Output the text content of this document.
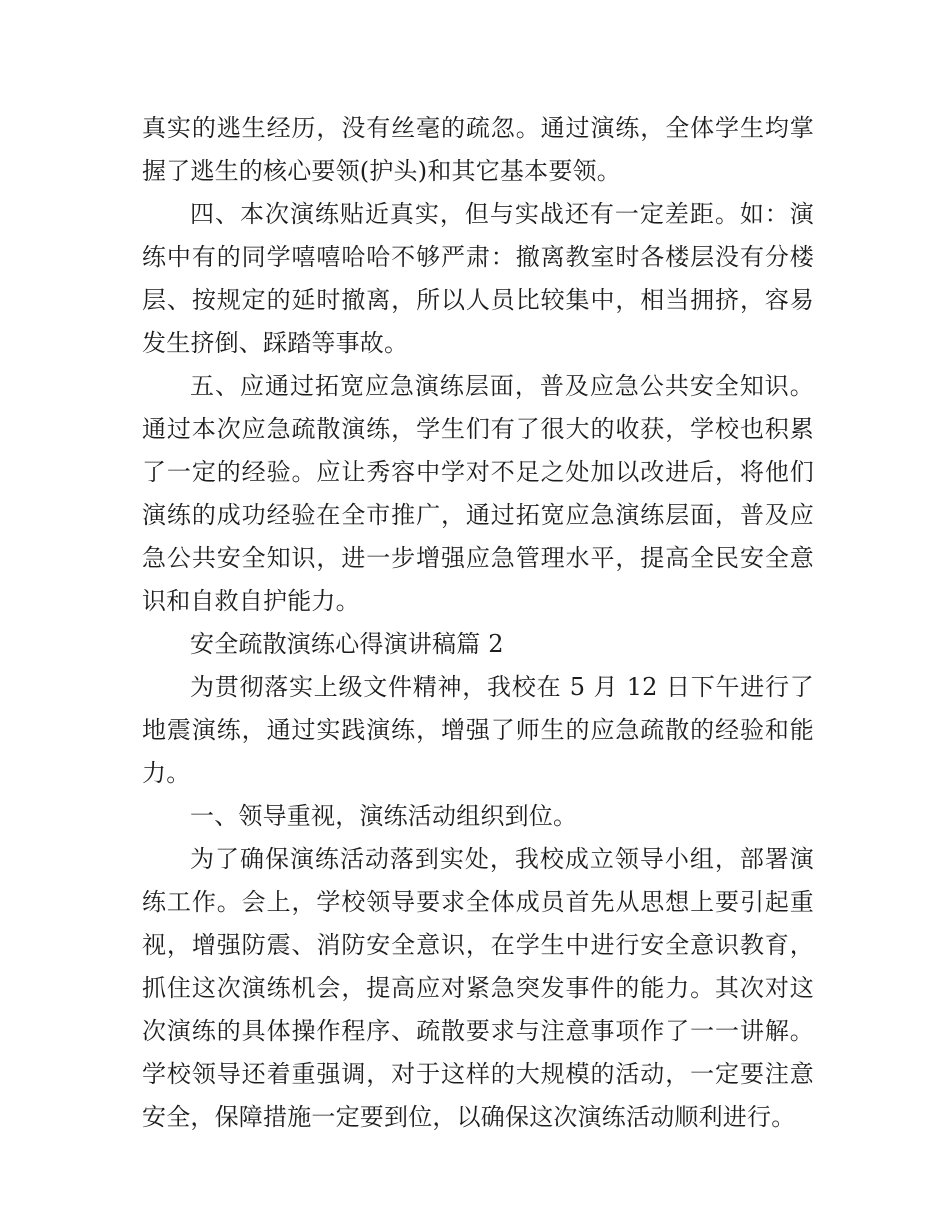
真实的逃生经历，没有丝毫的疏忽。通过演练，全体学生均掌握了逃生的核心要领(护头)和其它基本要领。

四、本次演练贴近真实，但与实战还有一定差距。如：演练中有的同学嘻嘻哈哈不够严肃：撤离教室时各楼层没有分楼层、按规定的延时撤离，所以人员比较集中，相当拥挤，容易发生挤倒、踩踏等事故。

五、应通过拓宽应急演练层面，普及应急公共安全知识。通过本次应急疏散演练，学生们有了很大的收获，学校也积累了一定的经验。应让秀容中学对不足之处加以改进后，将他们演练的成功经验在全市推广，通过拓宽应急演练层面，普及应急公共安全知识，进一步增强应急管理水平，提高全民安全意识和自救自护能力。

安全疏散演练心得演讲稿篇 2

为贯彻落实上级文件精神，我校在 5 月 12 日下午进行了地震演练，通过实践演练，增强了师生的应急疏散的经验和能力。

一、领导重视，演练活动组织到位。

为了确保演练活动落到实处，我校成立领导小组，部署演练工作。会上，学校领导要求全体成员首先从思想上要引起重视，增强防震、消防安全意识，在学生中进行安全意识教育，抓住这次演练机会，提高应对紧急突发事件的能力。其次对这次演练的具体操作程序、疏散要求与注意事项作了一一讲解。学校领导还着重强调，对于这样的大规模的活动，一定要注意安全，保障措施一定要到位，以确保这次演练活动顺利进行。
